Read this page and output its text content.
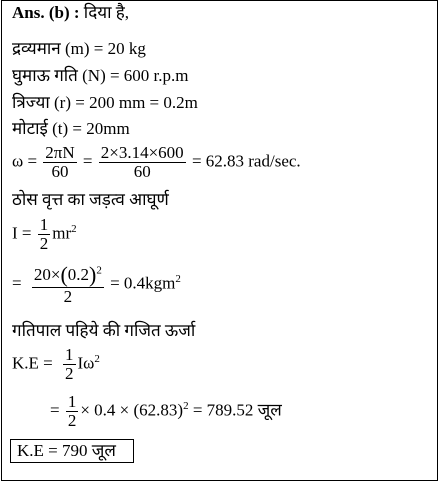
Ans. (b) : दिया है,
द्रव्यमान (m) = 20 kg
घुमाऊ गति (N) = 600 r.p.m
त्रिज्या (r) = 200 mm = 0.2m
मोटाई (t) = 20mm
$\omega = \frac{2\pi N}{60} = \frac{2\times 3.14\times 600}{60} = 62.83$ rad/sec.
ठोस वृत्त का जड़त्व आघूर्ण
$I = \frac{1}{2} mr^2$
= $\frac{20\times(0.2)^2}{2} = 0.4kgm^2$
गतिपाल पहिये की गजित ऊर्जा
$K.E = \frac{1}{2} I\omega^2$
= $\frac{1}{2} \times 0.4 \times (62.83)^2 = 789.52$ जूल
K.E = 790 जूल
